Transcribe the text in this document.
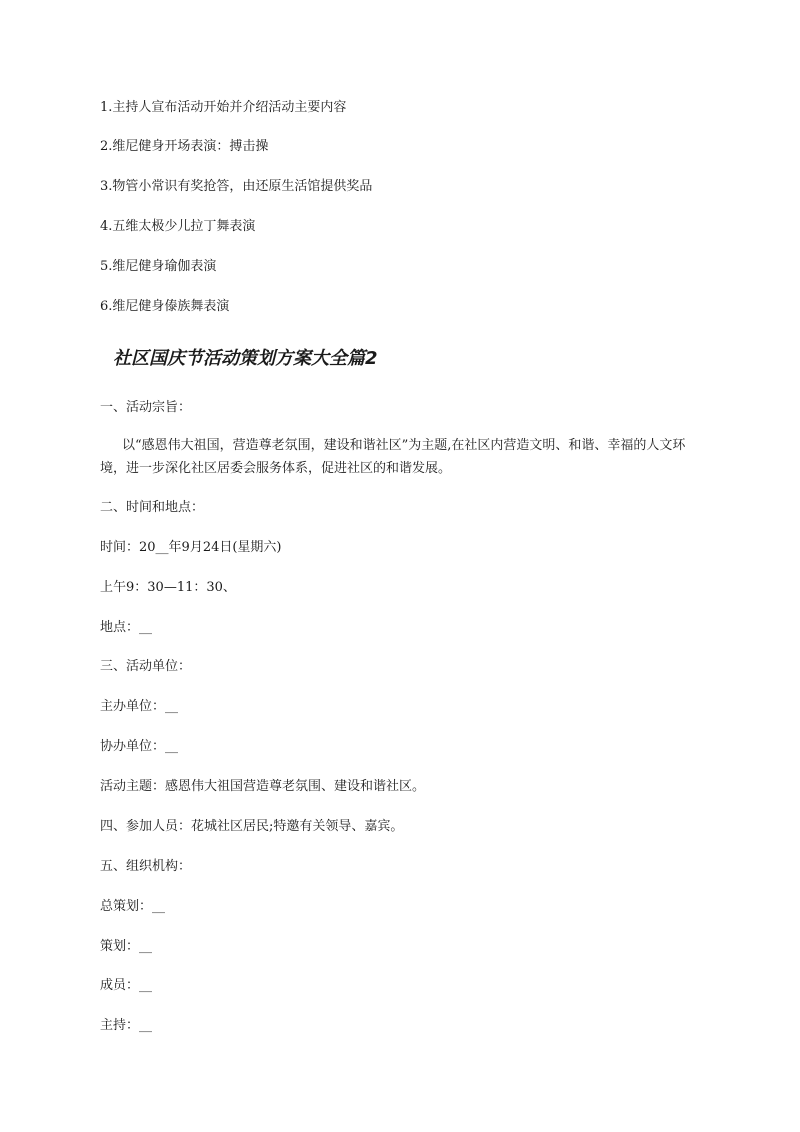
1.主持人宣布活动开始并介绍活动主要内容
2.维尼健身开场表演：搏击操
3.物管小常识有奖抢答，由还原生活馆提供奖品
4.五维太极少儿拉丁舞表演
5.维尼健身瑜伽表演
6.维尼健身傣族舞表演
社区国庆节活动策划方案大全篇2
一、活动宗旨：
以“感恩伟大祖国，营造尊老氛围，建设和谐社区”为主题,在社区内营造文明、和谐、幸福的人文环境，进一步深化社区居委会服务体系，促进社区的和谐发展。
二、时间和地点：
时间：20__年9月24日(星期六)
上午9：30—11：30、
地点：__
三、活动单位：
主办单位：__
协办单位：__
活动主题：感恩伟大祖国营造尊老氛围、建设和谐社区。
四、参加人员：花城社区居民;特邀有关领导、嘉宾。
五、组织机构：
总策划：__
策划：__
成员：__
主持：__
